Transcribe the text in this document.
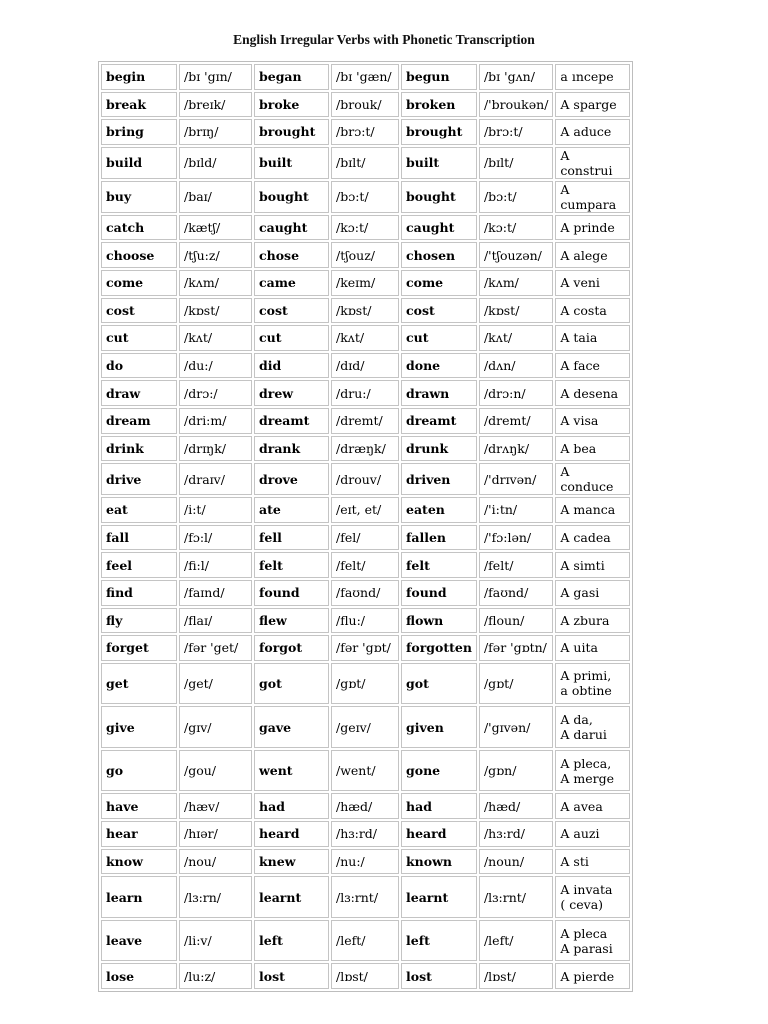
English Irregular Verbs with Phonetic Transcription
begin	/bɪ 'gɪn/	began	/bɪ 'gæn/	begun	/bɪ 'gʌn/	a ıncepe
break	/breɪk/	broke	/brouk/	broken	/'broukən/	A sparge
bring	/brɪŋ/	brought	/brɔ:t/	brought	/brɔ:t/	A aduce
build	/bɪld/	built	/bɪlt/	built	/bɪlt/	A construi
buy	/baɪ/	bought	/bɔ:t/	bought	/bɔ:t/	A cumpara
catch	/kætʃ/	caught	/kɔ:t/	caught	/kɔ:t/	A prinde
choose	/tʃu:z/	chose	/tʃouz/	chosen	/'tʃouzən/	A alege
come	/kʌm/	came	/keɪm/	come	/kʌm/	A veni
cost	/kɒst/	cost	/kɒst/	cost	/kɒst/	A costa
cut	/kʌt/	cut	/kʌt/	cut	/kʌt/	A taia
do	/du:/	did	/dɪd/	done	/dʌn/	A face
draw	/drɔ:/	drew	/dru:/	drawn	/drɔ:n/	A desena
dream	/dri:m/	dreamt	/dremt/	dreamt	/dremt/	A visa
drink	/drɪŋk/	drank	/dræŋk/	drunk	/drʌŋk/	A bea
drive	/draɪv/	drove	/drouv/	driven	/'drɪvən/	A conduce
eat	/i:t/	ate	/eɪt, et/	eaten	/'i:tn/	A manca
fall	/fɔ:l/	fell	/fel/	fallen	/'fɔ:lən/	A cadea
feel	/fi:l/	felt	/felt/	felt	/felt/	A simti
find	/faɪnd/	found	/faʊnd/	found	/faʊnd/	A gasi
fly	/flaɪ/	flew	/flu:/	flown	/floun/	A zbura
forget	/fər 'get/	forgot	/fər 'gɒt/	forgotten	/fər 'gɒtn/	A uita
get	/get/	got	/gɒt/	got	/gɒt/	A primi,
a obtine
give	/gɪv/	gave	/geɪv/	given	/'gɪvən/	A da,
A darui
go	/gou/	went	/went/	gone	/gɒn/	A pleca,
A merge
have	/hæv/	had	/hæd/	had	/hæd/	A avea
hear	/hɪər/	heard	/hɜ:rd/	heard	/hɜ:rd/	A auzi
know	/nou/	knew	/nu:/	known	/noun/	A sti
learn	/lɜ:rn/	learnt	/lɜ:rnt/	learnt	/lɜ:rnt/	A invata
( ceva)
leave	/li:v/	left	/left/	left	/left/	A pleca
A parasi
lose	/lu:z/	lost	/lɒst/	lost	/lɒst/	A pierde
